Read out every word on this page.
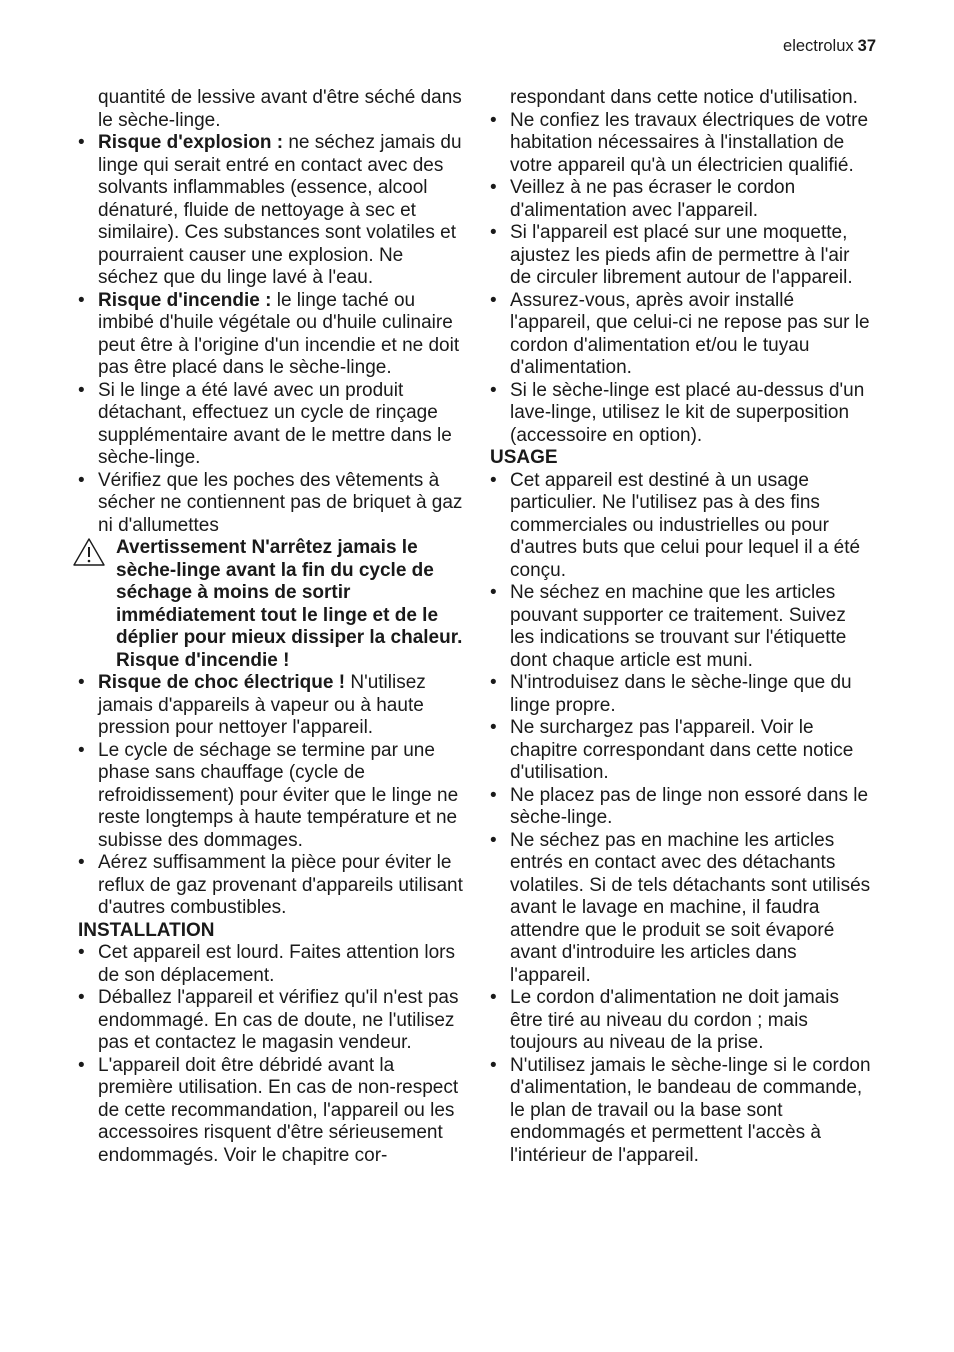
electrolux 37

quantité de lessive avant d'être séché dans le sèche-linge.

• Risque d'explosion : ne séchez jamais du linge qui serait entré en contact avec des solvants inflammables (essence, alcool dénaturé, fluide de nettoyage à sec et similaire). Ces substances sont volatiles et pourraient causer une explosion. Ne séchez que du linge lavé à l'eau.
• Risque d'incendie : le linge taché ou imbibé d'huile végétale ou d'huile culinaire peut être à l'origine d'un incendie et ne doit pas être placé dans le sèche-linge.
• Si le linge a été lavé avec un produit détachant, effectuez un cycle de rinçage supplémentaire avant de le mettre dans le sèche-linge.
• Vérifiez que les poches des vêtements à sécher ne contiennent pas de briquet à gaz ni d'allumettes

Avertissement N'arrêtez jamais le sèche-linge avant la fin du cycle de séchage à moins de sortir immédiatement tout le linge et de le déplier pour mieux dissiper la chaleur. Risque d'incendie !

• Risque de choc électrique ! N'utilisez jamais d'appareils à vapeur ou à haute pression pour nettoyer l'appareil.
• Le cycle de séchage se termine par une phase sans chauffage (cycle de refroidissement) pour éviter que le linge ne reste longtemps à haute température et ne subisse des dommages.
• Aérez suffisamment la pièce pour éviter le reflux de gaz provenant d'appareils utilisant d'autres combustibles.

INSTALLATION

• Cet appareil est lourd. Faites attention lors de son déplacement.
• Déballez l'appareil et vérifiez qu'il n'est pas endommagé. En cas de doute, ne l'utilisez pas et contactez le magasin vendeur.
• L'appareil doit être débridé avant la première utilisation. En cas de non-respect de cette recommandation, l'appareil ou les accessoires risquent d'être sérieusement endommagés. Voir le chapitre cor-

respondant dans cette notice d'utilisation.

• Ne confiez les travaux électriques de votre habitation nécessaires à l'installation de votre appareil qu'à un électricien qualifié.
• Veillez à ne pas écraser le cordon d'alimentation avec l'appareil.
• Si l'appareil est placé sur une moquette, ajustez les pieds afin de permettre à l'air de circuler librement autour de l'appareil.
• Assurez-vous, après avoir installé l'appareil, que celui-ci ne repose pas sur le cordon d'alimentation et/ou le tuyau d'alimentation.
• Si le sèche-linge est placé au-dessus d'un lave-linge, utilisez le kit de superposition (accessoire en option).

USAGE

• Cet appareil est destiné à un usage particulier. Ne l'utilisez pas à des fins commerciales ou industrielles ou pour d'autres buts que celui pour lequel il a été conçu.
• Ne séchez en machine que les articles pouvant supporter ce traitement. Suivez les indications se trouvant sur l'étiquette dont chaque article est muni.
• N'introduisez dans le sèche-linge que du linge propre.
• Ne surchargez pas l'appareil. Voir le chapitre correspondant dans cette notice d'utilisation.
• Ne placez pas de linge non essoré dans le sèche-linge.
• Ne séchez pas en machine les articles entrés en contact avec des détachants volatiles. Si de tels détachants sont utilisés avant le lavage en machine, il faudra attendre que le produit se soit évaporé avant d'introduire les articles dans l'appareil.
• Le cordon d'alimentation ne doit jamais être tiré au niveau du cordon ; mais toujours au niveau de la prise.
• N'utilisez jamais le sèche-linge si le cordon d'alimentation, le bandeau de commande, le plan de travail ou la base sont endommagés et permettent l'accès à l'intérieur de l'appareil.
